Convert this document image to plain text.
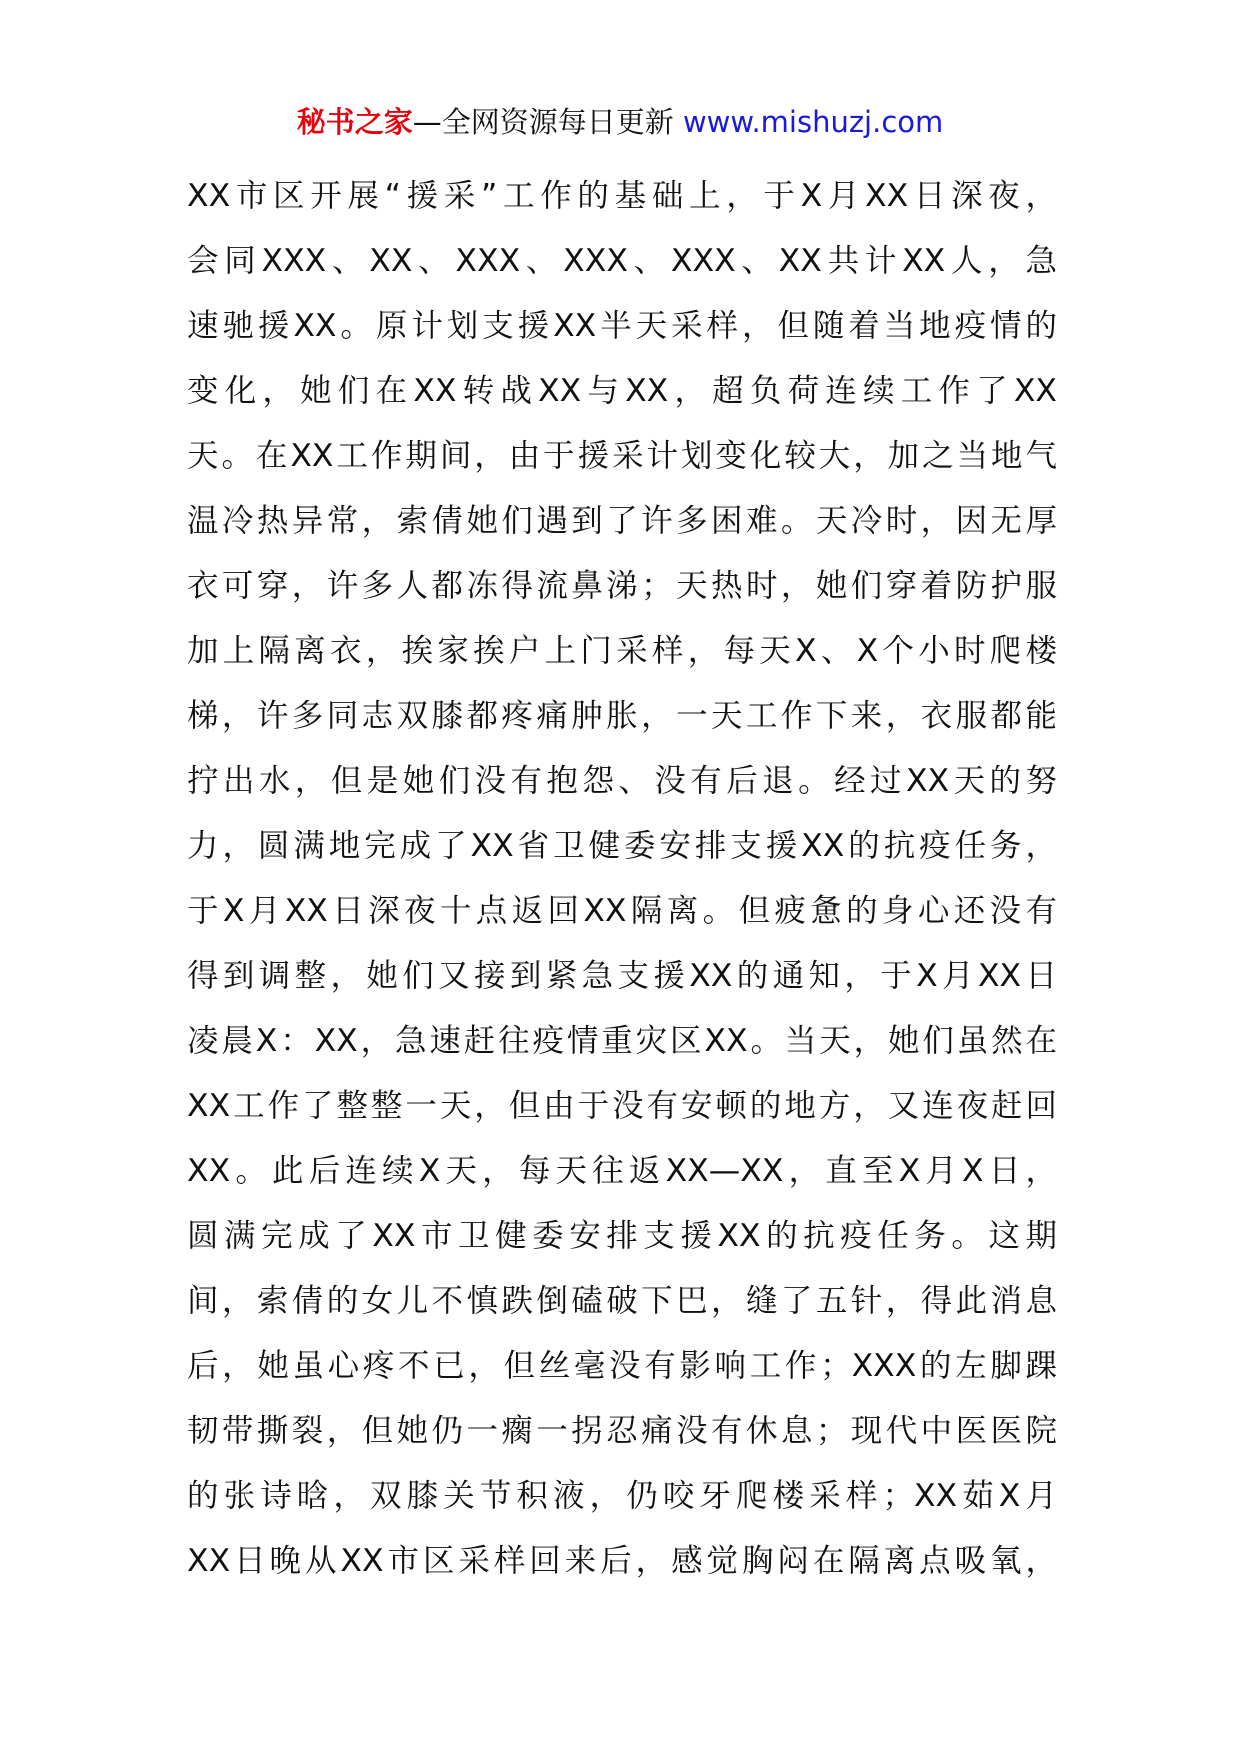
秘书之家—全网资源每日更新 www.mishuzj.com
XX市区开展“援采”工作的基础上，于X月XX日深夜，
会同XXX、XX、XXX、XXX、XXX、XX共计XX人，急
速驰援XX。原计划支援XX半天采样，但随着当地疫情的
变化，她们在XX转战XX与XX，超负荷连续工作了XX
天。在XX工作期间，由于援采计划变化较大，加之当地气
温冷热异常，索倩她们遇到了许多困难。天冷时，因无厚
衣可穿，许多人都冻得流鼻涕；天热时，她们穿着防护服
加上隔离衣，挨家挨户上门采样，每天X、X个小时爬楼
梯，许多同志双膝都疼痛肿胀，一天工作下来，衣服都能
拧出水，但是她们没有抱怨、没有后退。经过XX天的努
力，圆满地完成了XX省卫健委安排支援XX的抗疫任务，
于X月XX日深夜十点返回XX隔离。但疲惫的身心还没有
得到调整，她们又接到紧急支援XX的通知，于X月XX日
凌晨X：XX，急速赶往疫情重灾区XX。当天，她们虽然在
XX工作了整整一天，但由于没有安顿的地方，又连夜赶回
XX。此后连续X天，每天往返XX—XX，直至X月X日，
圆满完成了XX市卫健委安排支援XX的抗疫任务。这期
间，索倩的女儿不慎跌倒磕破下巴，缝了五针，得此消息
后，她虽心疼不已，但丝毫没有影响工作；XXX的左脚踝
韧带撕裂，但她仍一瘸一拐忍痛没有休息；现代中医医院
的张诗晗，双膝关节积液，仍咬牙爬楼采样；XX茹X月
XX日晚从XX市区采样回来后，感觉胸闷在隔离点吸氧，
